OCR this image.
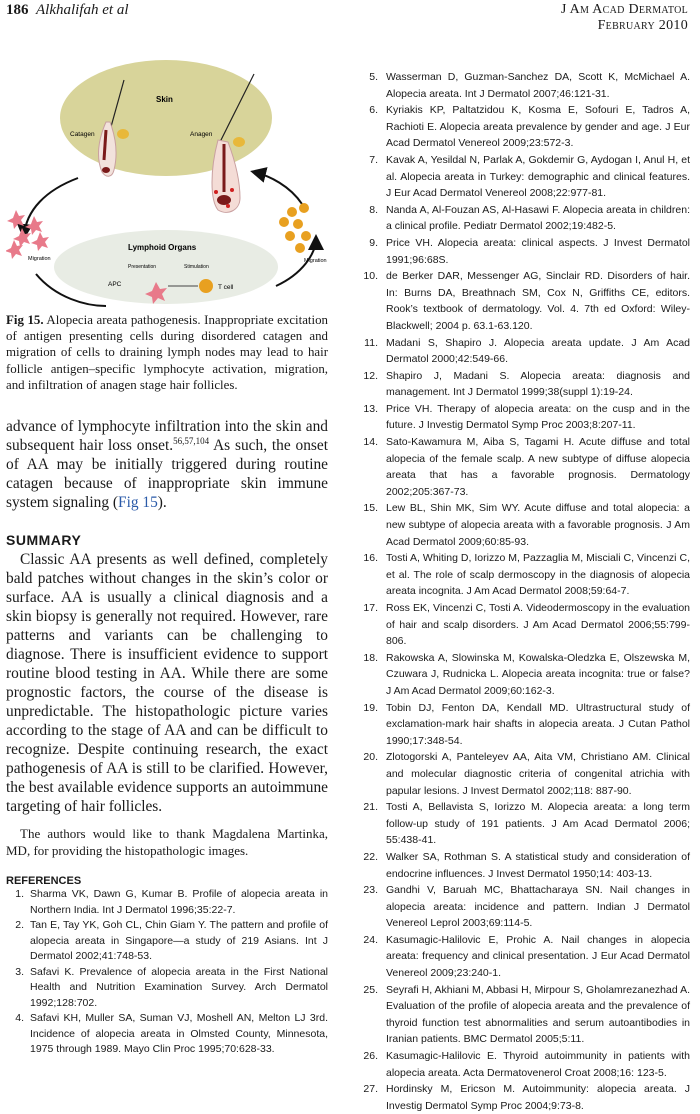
186 Alkhalifah et al	J Am Acad Dermatol
February 2010
Skin
Catagen	Anagen
Migration	Migration
Lymphoid Organs
Presentation	Stimulation
APC	T cell

Fig 15. Alopecia areata pathogenesis. Inappropriate excitation of antigen presenting cells during disordered catagen and migration of cells to draining lymph nodes may lead to hair follicle antigen–specific lymphocyte activation, migration, and infiltration of anagen stage hair follicles.

advance of lymphocyte infiltration into the skin and subsequent hair loss onset.$^{56,57,104}$ As such, the onset of AA may be initially triggered during routine catagen because of inappropriate skin immune system signaling (Fig 15).

SUMMARY

Classic AA presents as well defined, completely bald patches without changes in the skin’s color or surface. AA is usually a clinical diagnosis and a skin biopsy is generally not required. However, rare patterns and variants can be challenging to diagnose. There is insufficient evidence to support routine blood testing in AA. While there are some prognostic factors, the course of the disease is unpredictable. The histopathologic picture varies according to the stage of AA and can be difficult to recognize. Despite continuing research, the exact pathogenesis of AA is still to be clarified. However, the best available evidence supports an autoimmune targeting of hair follicles.

The authors would like to thank Magdalena Martinka, MD, for providing the histopathologic images.

REFERENCES
1. Sharma VK, Dawn G, Kumar B. Profile of alopecia areata in Northern India. Int J Dermatol 1996;35:22-7.
2. Tan E, Tay YK, Goh CL, Chin Giam Y. The pattern and profile of alopecia areata in Singapore—a study of 219 Asians. Int J Dermatol 2002;41:748-53.
3. Safavi K. Prevalence of alopecia areata in the First National Health and Nutrition Examination Survey. Arch Dermatol 1992;128:702.
4. Safavi KH, Muller SA, Suman VJ, Moshell AN, Melton LJ 3rd. Incidence of alopecia areata in Olmsted County, Minnesota, 1975 through 1989. Mayo Clin Proc 1995;70:628-33.
5. Wasserman D, Guzman-Sanchez DA, Scott K, McMichael A. Alopecia areata. Int J Dermatol 2007;46:121-31.
6. Kyriakis KP, Paltatzidou K, Kosma E, Sofouri E, Tadros A, Rachioti E. Alopecia areata prevalence by gender and age. J Eur Acad Dermatol Venereol 2009;23:572-3.
7. Kavak A, Yesildal N, Parlak A, Gokdemir G, Aydogan I, Anul H, et al. Alopecia areata in Turkey: demographic and clinical features. J Eur Acad Dermatol Venereol 2008;22:977-81.
8. Nanda A, Al-Fouzan AS, Al-Hasawi F. Alopecia areata in children: a clinical profile. Pediatr Dermatol 2002;19:482-5.
9. Price VH. Alopecia areata: clinical aspects. J Invest Dermatol 1991;96:68S.
10. de Berker DAR, Messenger AG, Sinclair RD. Disorders of hair. In: Burns DA, Breathnach SM, Cox N, Griffiths CE, editors. Rook’s textbook of dermatology. Vol. 4. 7th ed Oxford: Wiley-Blackwell; 2004 p. 63.1-63.120.
11. Madani S, Shapiro J. Alopecia areata update. J Am Acad Dermatol 2000;42:549-66.
12. Shapiro J, Madani S. Alopecia areata: diagnosis and management. Int J Dermatol 1999;38(suppl 1):19-24.
13. Price VH. Therapy of alopecia areata: on the cusp and in the future. J Investig Dermatol Symp Proc 2003;8:207-11.
14. Sato-Kawamura M, Aiba S, Tagami H. Acute diffuse and total alopecia of the female scalp. A new subtype of diffuse alopecia areata that has a favorable prognosis. Dermatology 2002;205:367-73.
15. Lew BL, Shin MK, Sim WY. Acute diffuse and total alopecia: a new subtype of alopecia areata with a favorable prognosis. J Am Acad Dermatol 2009;60:85-93.
16. Tosti A, Whiting D, Iorizzo M, Pazzaglia M, Misciali C, Vincenzi C, et al. The role of scalp dermoscopy in the diagnosis of alopecia areata incognita. J Am Acad Dermatol 2008;59:64-7.
17. Ross EK, Vincenzi C, Tosti A. Videodermoscopy in the evaluation of hair and scalp disorders. J Am Acad Dermatol 2006;55:799-806.
18. Rakowska A, Slowinska M, Kowalska-Oledzka E, Olszewska M, Czuwara J, Rudnicka L. Alopecia areata incognita: true or false? J Am Acad Dermatol 2009;60:162-3.
19. Tobin DJ, Fenton DA, Kendall MD. Ultrastructural study of exclamation-mark hair shafts in alopecia areata. J Cutan Pathol 1990;17:348-54.
20. Zlotogorski A, Panteleyev AA, Aita VM, Christiano AM. Clinical and molecular diagnostic criteria of congenital atrichia with papular lesions. J Invest Dermatol 2002;118: 887-90.
21. Tosti A, Bellavista S, Iorizzo M. Alopecia areata: a long term follow-up study of 191 patients. J Am Acad Dermatol 2006; 55:438-41.
22. Walker SA, Rothman S. A statistical study and consideration of endocrine influences. J Invest Dermatol 1950;14: 403-13.
23. Gandhi V, Baruah MC, Bhattacharaya SN. Nail changes in alopecia areata: incidence and pattern. Indian J Dermatol Venereol Leprol 2003;69:114-5.
24. Kasumagic-Halilovic E, Prohic A. Nail changes in alopecia areata: frequency and clinical presentation. J Eur Acad Dermatol Venereol 2009;23:240-1.
25. Seyrafi H, Akhiani M, Abbasi H, Mirpour S, Gholamrezanezhad A. Evaluation of the profile of alopecia areata and the prevalence of thyroid function test abnormalities and serum autoantibodies in Iranian patients. BMC Dermatol 2005;5:11.
26. Kasumagic-Halilovic E. Thyroid autoimmunity in patients with alopecia areata. Acta Dermatovenerol Croat 2008;16: 123-5.
27. Hordinsky M, Ericson M. Autoimmunity: alopecia areata. J Investig Dermatol Symp Proc 2004;9:73-8.
